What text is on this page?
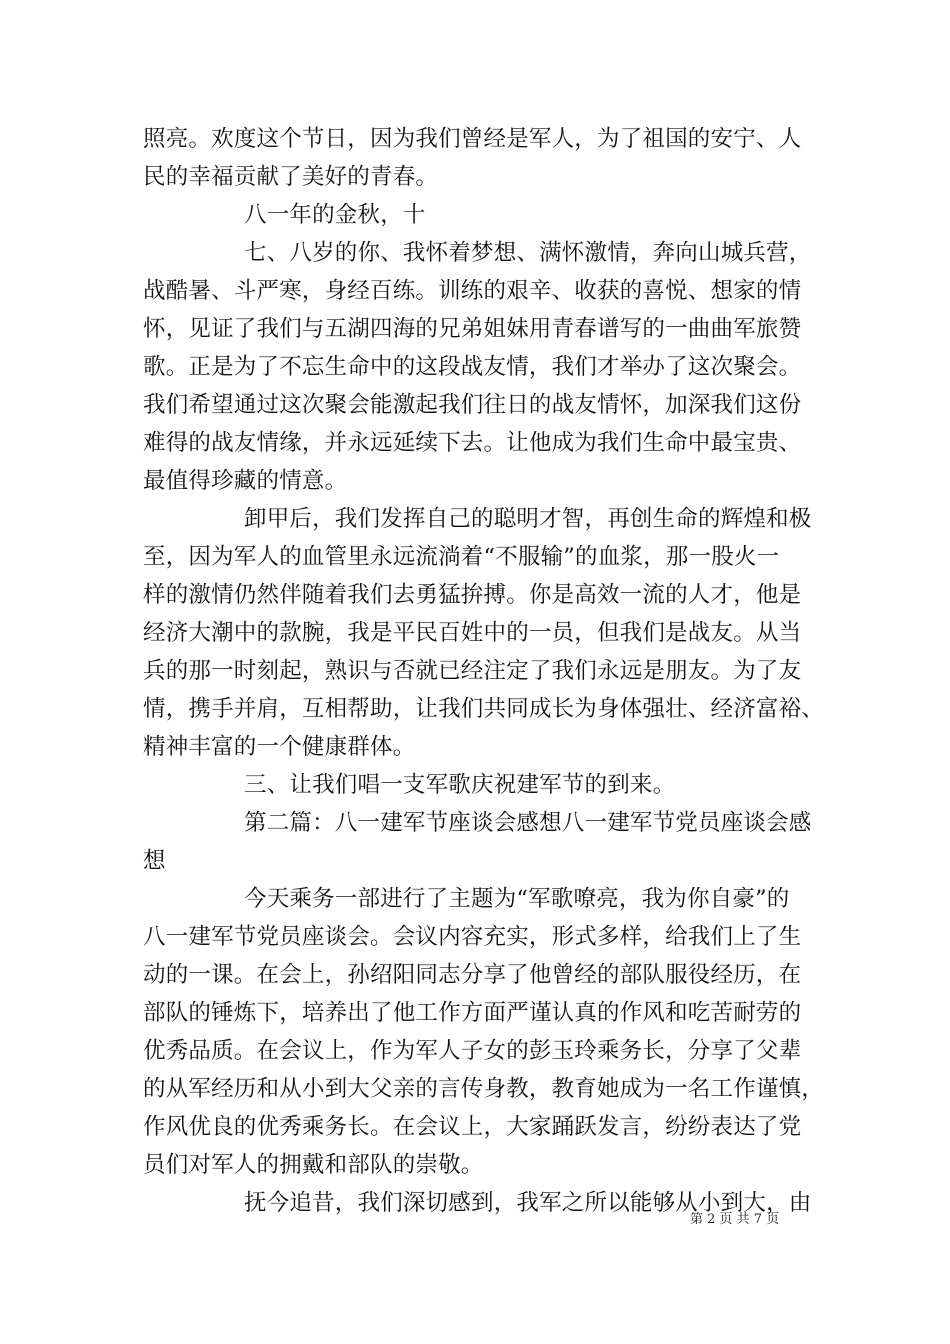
照亮。欢度这个节日，因为我们曾经是军人，为了祖国的安宁、人
民的幸福贡献了美好的青春。
八一年的金秋，十
七、八岁的你、我怀着梦想、满怀激情，奔向山城兵营，
战酷暑、斗严寒，身经百练。训练的艰辛、收获的喜悦、想家的情
怀，见证了我们与五湖四海的兄弟姐妹用青春谱写的一曲曲军旅赞
歌。正是为了不忘生命中的这段战友情，我们才举办了这次聚会。
我们希望通过这次聚会能激起我们往日的战友情怀，加深我们这份
难得的战友情缘，并永远延续下去。让他成为我们生命中最宝贵、
最值得珍藏的情意。
卸甲后，我们发挥自己的聪明才智，再创生命的辉煌和极
至，因为军人的血管里永远流淌着“不服输”的血浆，那一股火一
样的激情仍然伴随着我们去勇猛拚搏。你是高效一流的人才，他是
经济大潮中的款腕，我是平民百姓中的一员，但我们是战友。从当
兵的那一时刻起，熟识与否就已经注定了我们永远是朋友。为了友
情，携手并肩，互相帮助，让我们共同成长为身体强壮、经济富裕、
精神丰富的一个健康群体。
三、让我们唱一支军歌庆祝建军节的到来。
第二篇：八一建军节座谈会感想八一建军节党员座谈会感
想
今天乘务一部进行了主题为“军歌嘹亮，我为你自豪”的
八一建军节党员座谈会。会议内容充实，形式多样，给我们上了生
动的一课。在会上，孙绍阳同志分享了他曾经的部队服役经历，在
部队的锤炼下，培养出了他工作方面严谨认真的作风和吃苦耐劳的
优秀品质。在会议上，作为军人子女的彭玉玲乘务长，分享了父辈
的从军经历和从小到大父亲的言传身教，教育她成为一名工作谨慎，
作风优良的优秀乘务长。在会议上，大家踊跃发言，纷纷表达了党
员们对军人的拥戴和部队的崇敬。
抚今追昔，我们深切感到，我军之所以能够从小到大，由
第 2 页 共 7 页
